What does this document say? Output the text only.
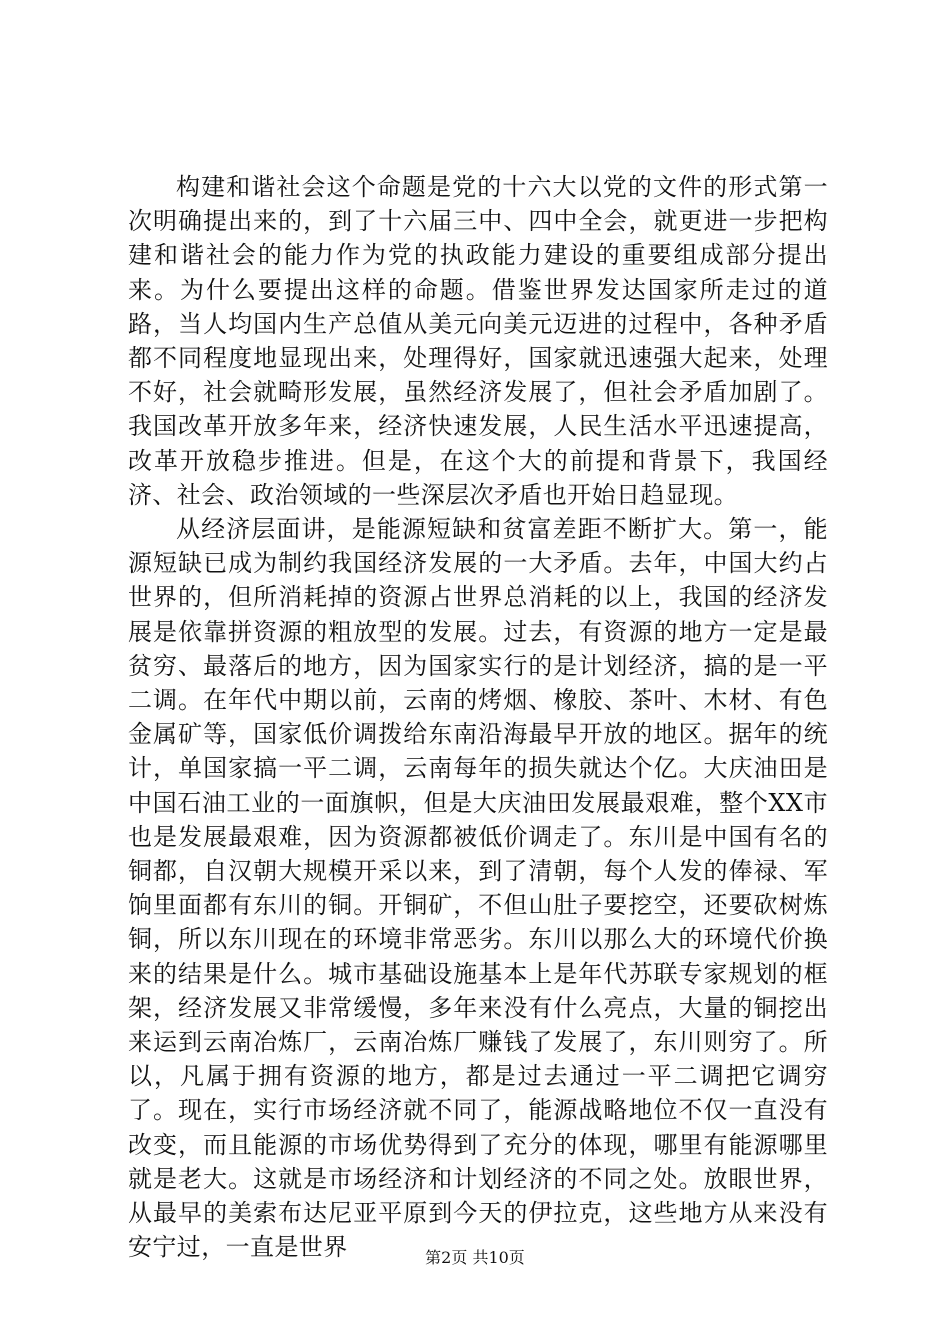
构建和谐社会这个命题是党的十六大以党的文件的形式第一次明确提出来的，到了十六届三中、四中全会，就更进一步把构建和谐社会的能力作为党的执政能力建设的重要组成部分提出来。为什么要提出这样的命题。借鉴世界发达国家所走过的道路，当人均国内生产总值从美元向美元迈进的过程中，各种矛盾都不同程度地显现出来，处理得好，国家就迅速强大起来，处理不好，社会就畸形发展，虽然经济发展了，但社会矛盾加剧了。我国改革开放多年来，经济快速发展，人民生活水平迅速提高，改革开放稳步推进。但是，在这个大的前提和背景下，我国经济、社会、政治领域的一些深层次矛盾也开始日趋显现。

从经济层面讲，是能源短缺和贫富差距不断扩大。第一，能源短缺已成为制约我国经济发展的一大矛盾。去年，中国大约占世界的，但所消耗掉的资源占世界总消耗的以上，我国的经济发展是依靠拼资源的粗放型的发展。过去，有资源的地方一定是最贫穷、最落后的地方，因为国家实行的是计划经济，搞的是一平二调。在年代中期以前，云南的烤烟、橡胶、茶叶、木材、有色金属矿等，国家低价调拨给东南沿海最早开放的地区。据年的统计，单国家搞一平二调，云南每年的损失就达个亿。大庆油田是中国石油工业的一面旗帜，但是大庆油田发展最艰难，整个XX市也是发展最艰难，因为资源都被低价调走了。东川是中国有名的铜都，自汉朝大规模开采以来，到了清朝，每个人发的俸禄、军饷里面都有东川的铜。开铜矿，不但山肚子要挖空，还要砍树炼铜，所以东川现在的环境非常恶劣。东川以那么大的环境代价换来的结果是什么。城市基础设施基本上是年代苏联专家规划的框架，经济发展又非常缓慢，多年来没有什么亮点，大量的铜挖出来运到云南冶炼厂，云南冶炼厂赚钱了发展了，东川则穷了。所以，凡属于拥有资源的地方，都是过去通过一平二调把它调穷了。现在，实行市场经济就不同了，能源战略地位不仅一直没有改变，而且能源的市场优势得到了充分的体现，哪里有能源哪里就是老大。这就是市场经济和计划经济的不同之处。放眼世界，从最早的美索布达尼亚平原到今天的伊拉克，这些地方从来没有安宁过，一直是世界	第2页 共10页
